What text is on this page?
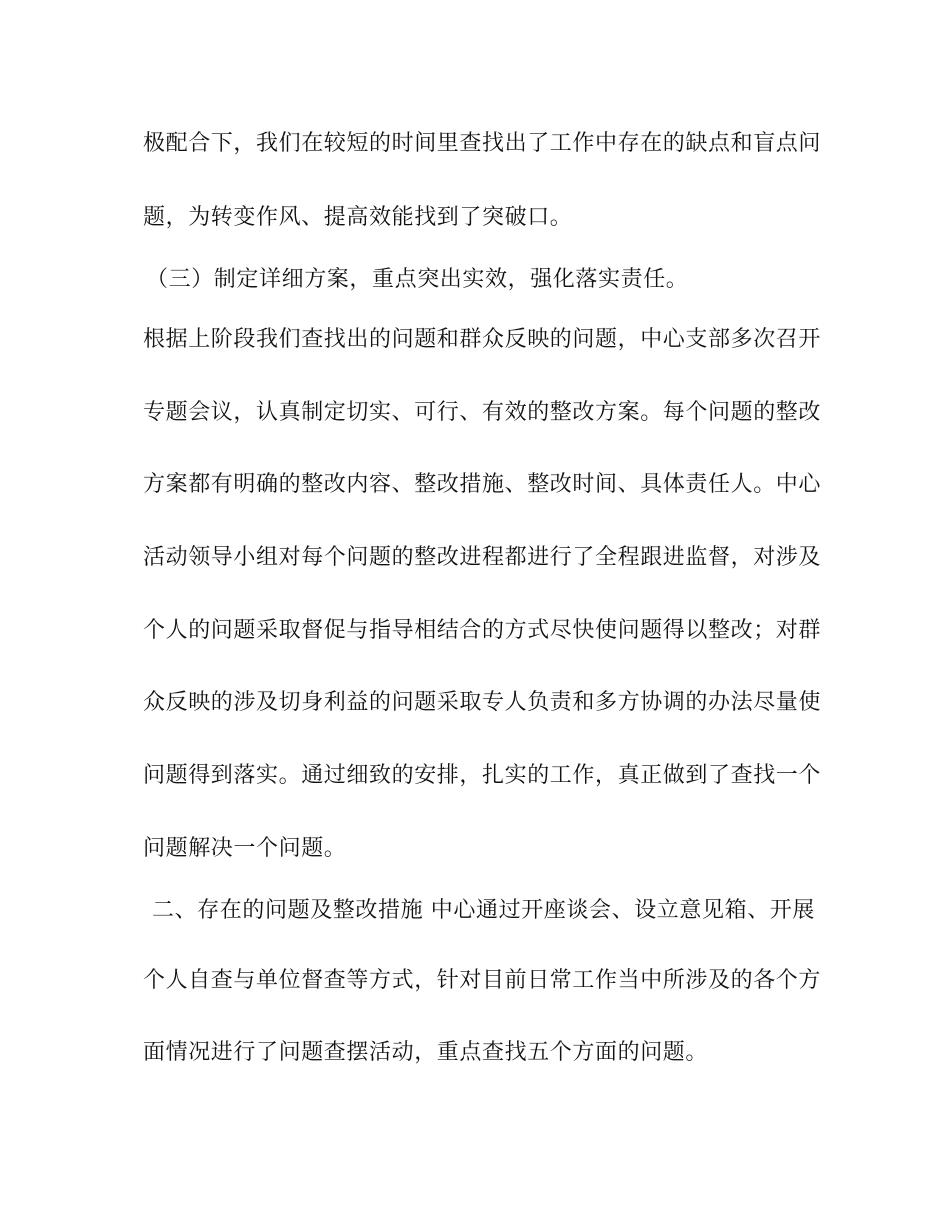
极配合下，我们在较短的时间里查找出了工作中存在的缺点和盲点问
题，为转变作风、提高效能找到了突破口。
（三）制定详细方案，重点突出实效，强化落实责任。
根据上阶段我们查找出的问题和群众反映的问题，中心支部多次召开
专题会议，认真制定切实、可行、有效的整改方案。每个问题的整改
方案都有明确的整改内容、整改措施、整改时间、具体责任人。中心
活动领导小组对每个问题的整改进程都进行了全程跟进监督，对涉及
个人的问题采取督促与指导相结合的方式尽快使问题得以整改；对群
众反映的涉及切身利益的问题采取专人负责和多方协调的办法尽量使
问题得到落实。通过细致的安排，扎实的工作，真正做到了查找一个
问题解决一个问题。
二、存在的问题及整改措施 中心通过开座谈会、设立意见箱、开展
个人自查与单位督查等方式，针对目前日常工作当中所涉及的各个方
面情况进行了问题查摆活动，重点查找五个方面的问题。
